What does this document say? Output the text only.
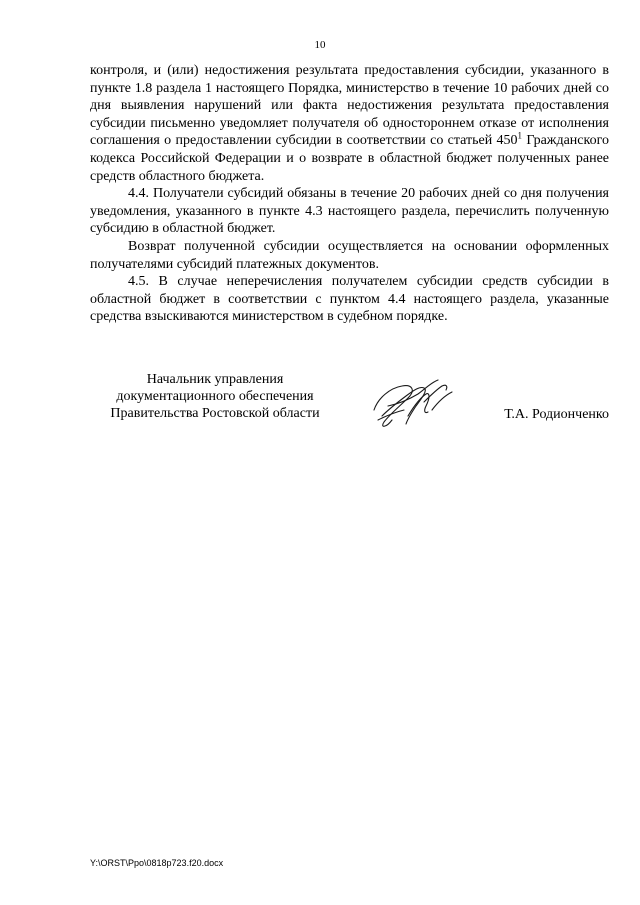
10

контроля, и (или) недостижения результата предоставления субсидии, указанного в пункте 1.8 раздела 1 настоящего Порядка, министерство в течение 10 рабочих дней со дня выявления нарушений или факта недостижения результата предоставления субсидии письменно уведомляет получателя об одностороннем отказе от исполнения соглашения о предоставлении субсидии в соответствии со статьей $450^1$ Гражданского кодекса Российской Федерации и о возврате в областной бюджет полученных ранее средств областного бюджета.

4.4. Получатели субсидий обязаны в течение 20 рабочих дней со дня получения уведомления, указанного в пункте 4.3 настоящего раздела, перечислить полученную субсидию в областной бюджет.

Возврат полученной субсидии осуществляется на основании оформленных получателями субсидий платежных документов.

4.5. В случае неперечисления получателем субсидии средств субсидии в областной бюджет в соответствии с пунктом 4.4 настоящего раздела, указанные средства взыскиваются министерством в судебном порядке.

Начальник управления
документационного обеспечения
Правительства Ростовской области	Т.А. Родионченко
Y:\ORST\Ppo\0818p723.f20.docx
